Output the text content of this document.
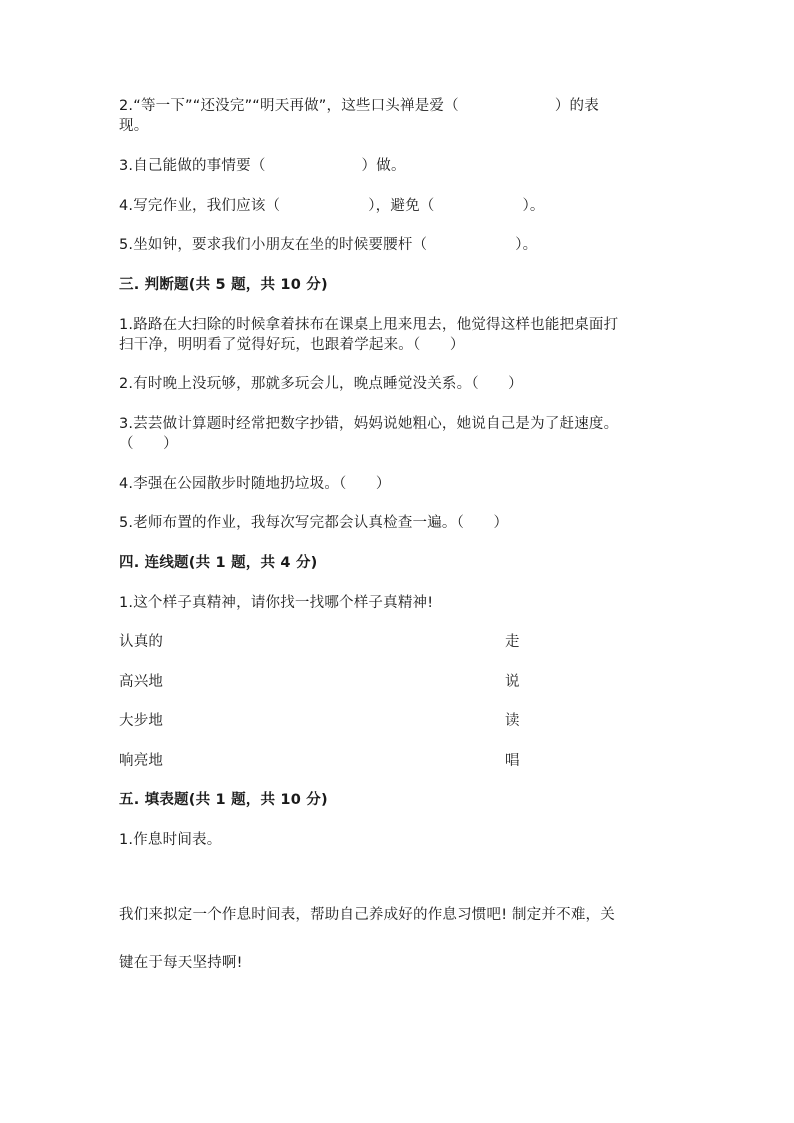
2.“等一下”“还没完”“明天再做”，这些口头禅是爱（	）的表
现。
3.自己能做的事情要（	）做。
4.写完作业，我们应该（	），避免（	）。
5.坐如钟，要求我们小朋友在坐的时候要腰杆（	）。
三. 判断题(共 5 题，共 10 分)
1.路路在大扫除的时候拿着抹布在课桌上甩来甩去，他觉得这样也能把桌面打
扫干净，明明看了觉得好玩，也跟着学起来。（　　）
2.有时晚上没玩够，那就多玩会儿，晚点睡觉没关系。（　　）
3.芸芸做计算题时经常把数字抄错，妈妈说她粗心，她说自己是为了赶速度。
（　　）
4.李强在公园散步时随地扔垃圾。（　　）
5.老师布置的作业，我每次写完都会认真检查一遍。（　　）
四. 连线题(共 1 题，共 4 分)
1.这个样子真精神，请你找一找哪个样子真精神!
认真的	走
高兴地	说
大步地	读
响亮地	唱
五. 填表题(共 1 题，共 10 分)
1.作息时间表。
我们来拟定一个作息时间表，帮助自己养成好的作息习惯吧! 制定并不难，关
键在于每天坚持啊!
